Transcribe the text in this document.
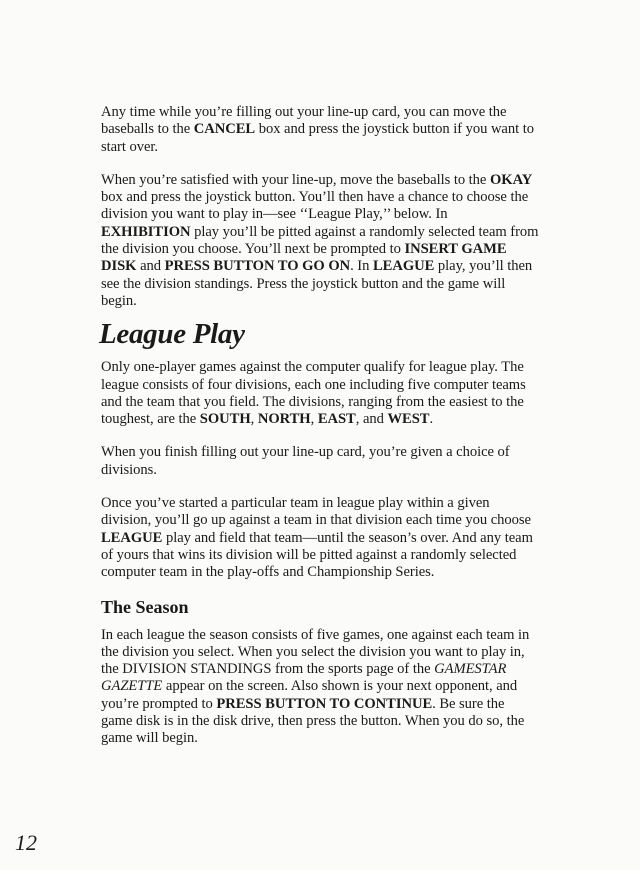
Any time while you’re filling out your line-up card, you can move the baseballs to the CANCEL box and press the joystick button if you want to start over.

When you’re satisfied with your line-up, move the baseballs to the OKAY box and press the joystick button. You’ll then have a chance to choose the division you want to play in—see ‘‘League Play,’’ below. In EXHIBITION play you’ll be pitted against a randomly selected team from the division you choose. You’ll next be prompted to INSERT GAME DISK and PRESS BUTTON TO GO ON. In LEAGUE play, you’ll then see the division standings. Press the joystick button and the game will begin.

League Play

Only one-player games against the computer qualify for league play. The league consists of four divisions, each one including five computer teams and the team that you field. The divisions, ranging from the easiest to the toughest, are the SOUTH, NORTH, EAST, and WEST.

When you finish filling out your line-up card, you’re given a choice of divisions.

Once you’ve started a particular team in league play within a given division, you’ll go up against a team in that division each time you choose LEAGUE play and field that team—until the season’s over. And any team of yours that wins its division will be pitted against a randomly selected computer team in the play-offs and Championship Series.

The Season

In each league the season consists of five games, one against each team in the division you select. When you select the division you want to play in, the DIVISION STANDINGS from the sports page of the GAMESTAR GAZETTE appear on the screen. Also shown is your next opponent, and you’re prompted to PRESS BUTTON TO CONTINUE. Be sure the game disk is in the disk drive, then press the button. When you do so, the game will begin.

12
